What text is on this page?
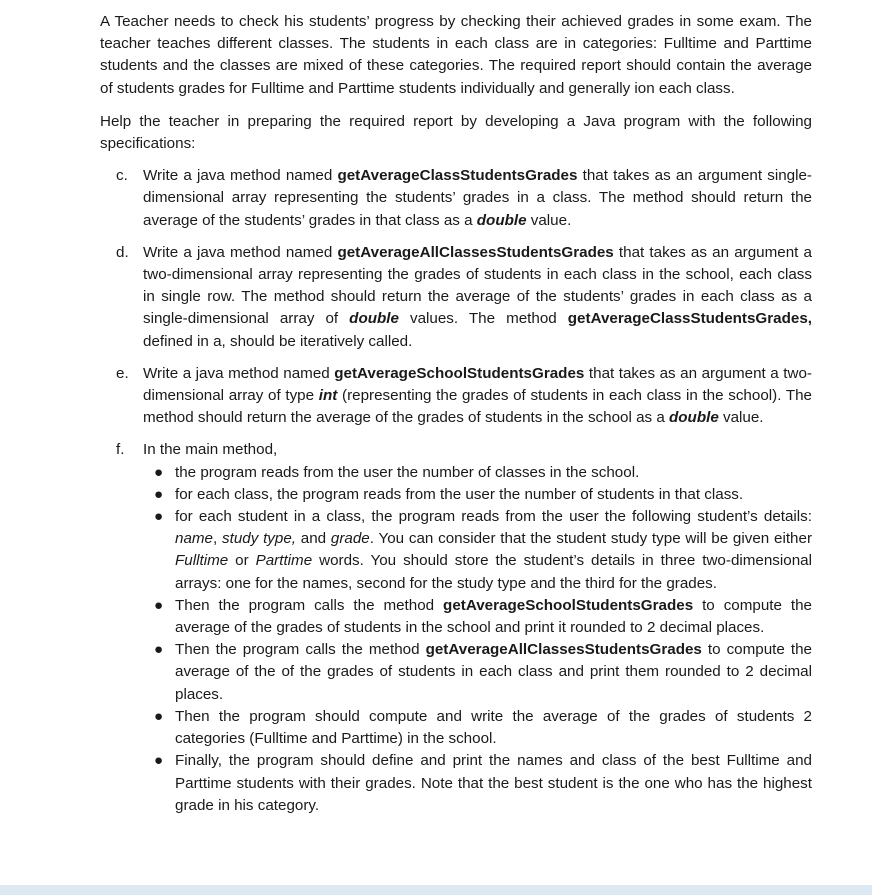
A Teacher needs to check his students’ progress by checking their achieved grades in some exam. The teacher teaches different classes. The students in each class are in categories: Fulltime and Parttime students and the classes are mixed of these categories. The required report should contain the average of students grades for Fulltime and Parttime students individually and generally ion each class.

Help the teacher in preparing the required report by developing a Java program with the following specifications:

c. Write a java method named getAverageClassStudentsGrades that takes as an argument single-dimensional array representing the students’ grades in a class. The method should return the average of the students’ grades in that class as a double value.

d. Write a java method named getAverageAllClassesStudentsGrades that takes as an argument a two-dimensional array representing the grades of students in each class in the school, each class in single row. The method should return the average of the students’ grades in each class as a single-dimensional array of double values. The method getAverageClassStudentsGrades, defined in a, should be iteratively called.

e. Write a java method named getAverageSchoolStudentsGrades that takes as an argument a two-dimensional array of type int (representing the grades of students in each class in the school). The method should return the average of the grades of students in the school as a double value.

f. In the main method,

● the program reads from the user the number of classes in the school.
● for each class, the program reads from the user the number of students in that class.
● for each student in a class, the program reads from the user the following student’s details: name, study type, and grade. You can consider that the student study type will be given either Fulltime or Parttime words. You should store the student’s details in three two-dimensional arrays: one for the names, second for the study type and the third for the grades.
● Then the program calls the method getAverageSchoolStudentsGrades to compute the average of the grades of students in the school and print it rounded to 2 decimal places.
● Then the program calls the method getAverageAllClassesStudentsGrades to compute the average of the of the grades of students in each class and print them rounded to 2 decimal places.
● Then the program should compute and write the average of the grades of students 2 categories (Fulltime and Parttime) in the school.
● Finally, the program should define and print the names and class of the best Fulltime and Parttime students with their grades. Note that the best student is the one who has the highest grade in his category.
